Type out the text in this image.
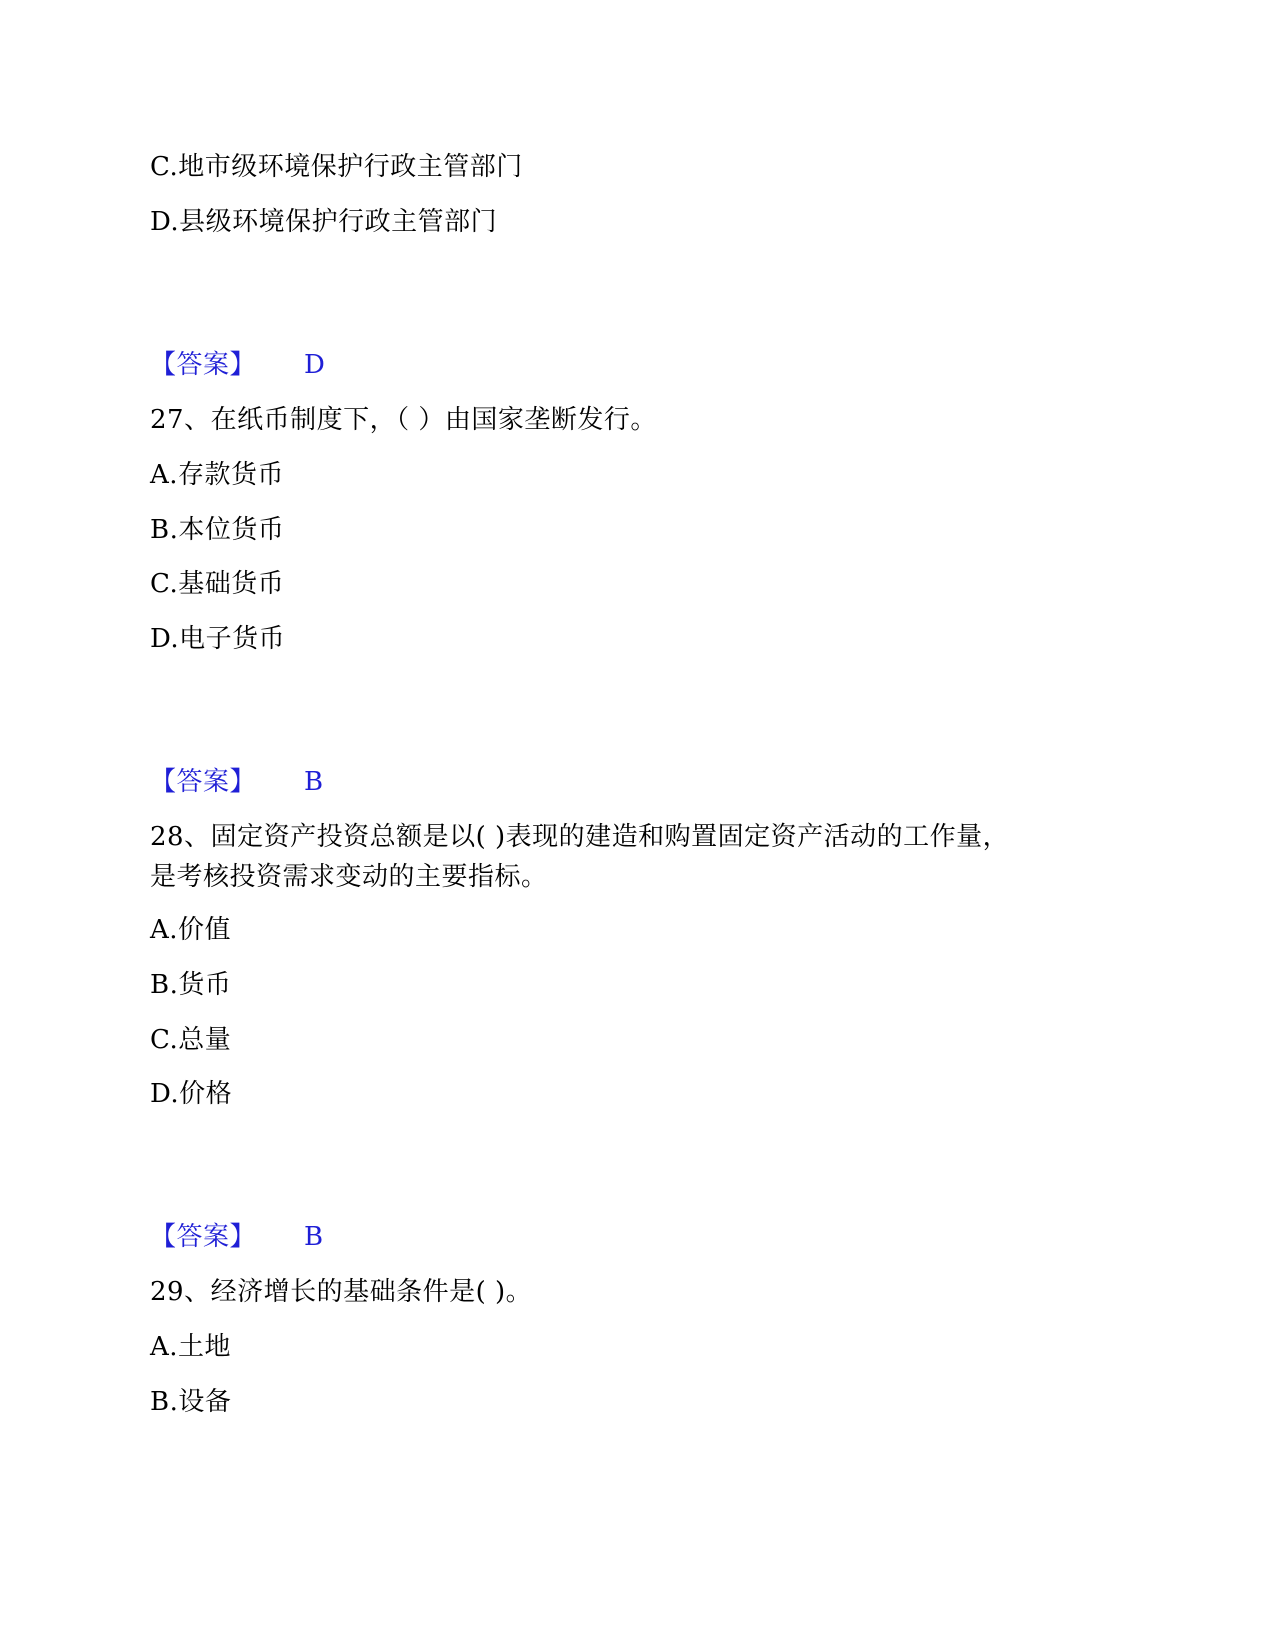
C.地市级环境保护行政主管部门
D.县级环境保护行政主管部门
【答案】 D
27、在纸币制度下，（ ）由国家垄断发行。
A.存款货币
B.本位货币
C.基础货币
D.电子货币
【答案】 B
28、固定资产投资总额是以( )表现的建造和购置固定资产活动的工作量，
是考核投资需求变动的主要指标。
A.价值
B.货币
C.总量
D.价格
【答案】 B
29、经济增长的基础条件是( )。
A.土地
B.设备
